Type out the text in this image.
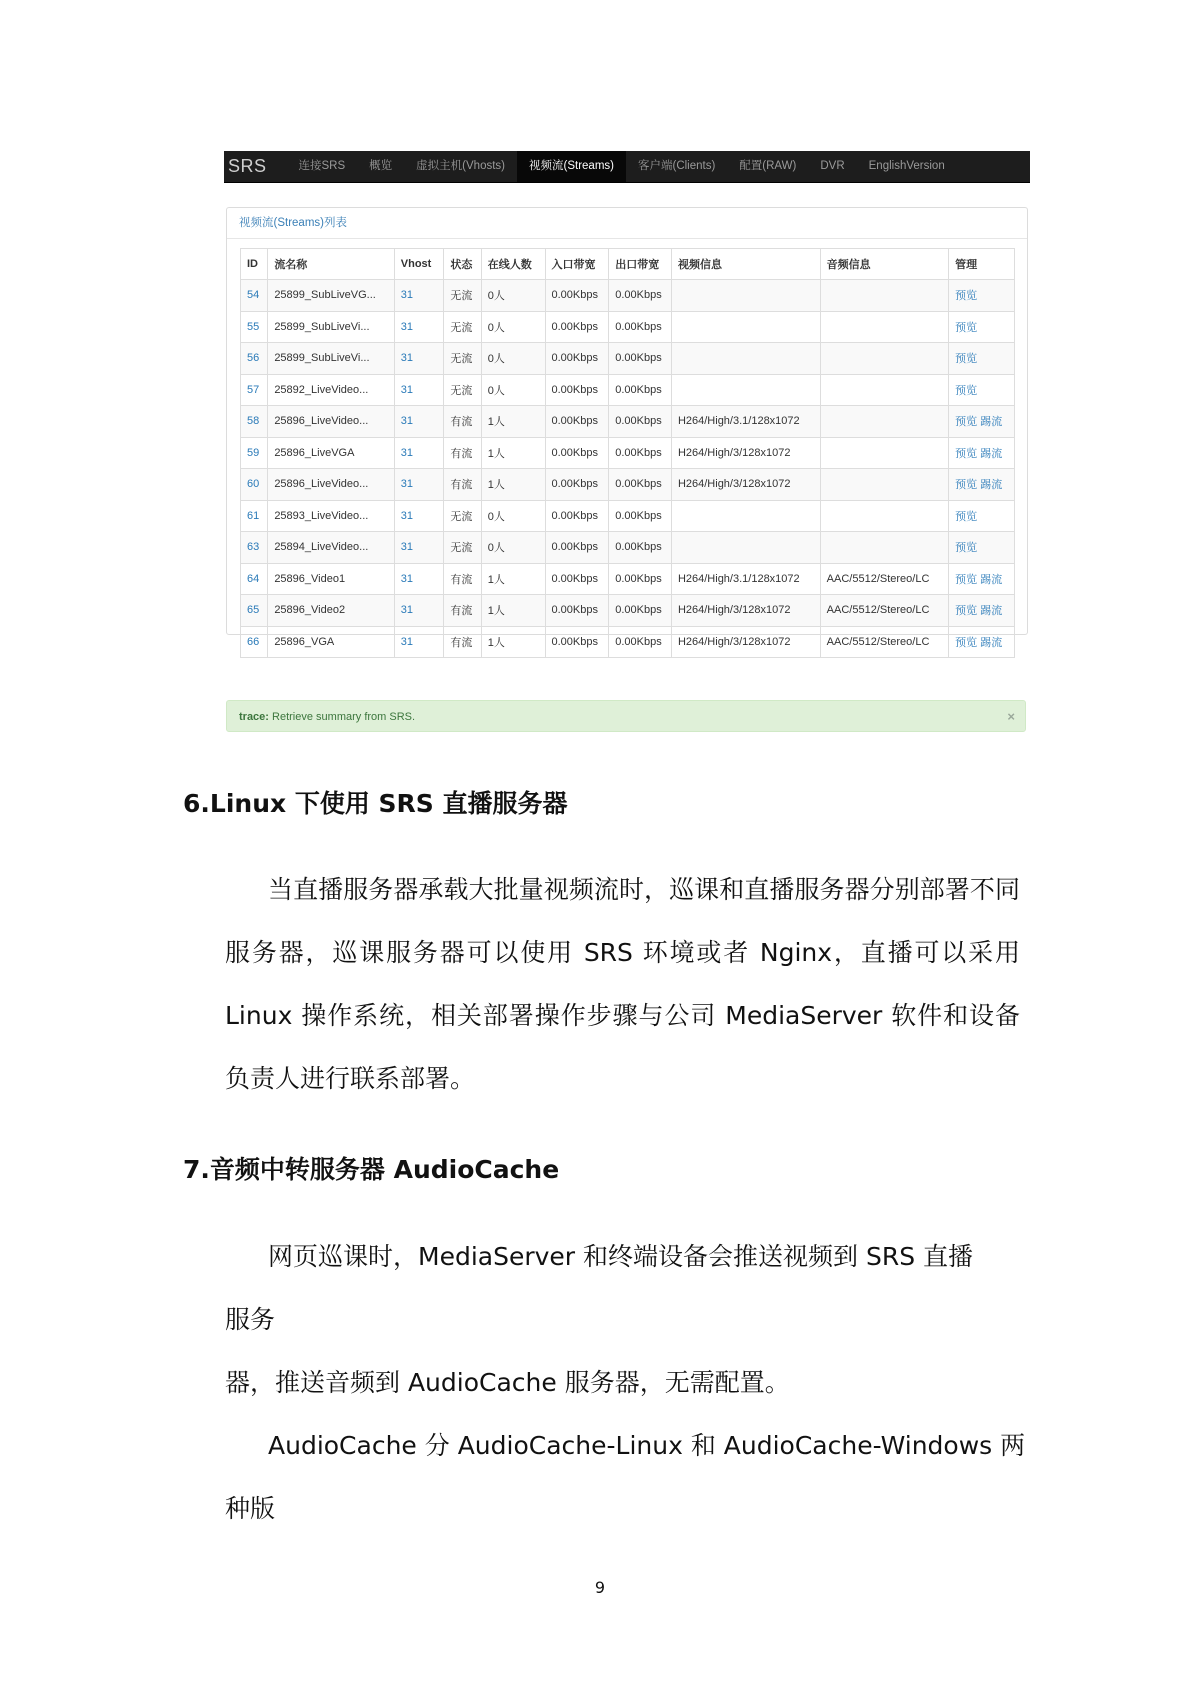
SRS	连接SRS	概览	虚拟主机(Vhosts)	视频流(Streams)	客户端(Clients)	配置(RAW)	DVR	EnglishVersion
视频流(Streams)列表
ID	流名称	Vhost	状态	在线人数	入口带宽	出口带宽	视频信息	音频信息	管理
54	25899_SubLiveVG...	31	无流	0人	0.00Kbps	0.00Kbps			预览
55	25899_SubLiveVi...	31	无流	0人	0.00Kbps	0.00Kbps			预览
56	25899_SubLiveVi...	31	无流	0人	0.00Kbps	0.00Kbps			预览
57	25892_LiveVideo...	31	无流	0人	0.00Kbps	0.00Kbps			预览
58	25896_LiveVideo...	31	有流	1人	0.00Kbps	0.00Kbps	H264/High/3.1/128x1072		预览 踢流
59	25896_LiveVGA	31	有流	1人	0.00Kbps	0.00Kbps	H264/High/3/128x1072		预览 踢流
60	25896_LiveVideo...	31	有流	1人	0.00Kbps	0.00Kbps	H264/High/3/128x1072		预览 踢流
61	25893_LiveVideo...	31	无流	0人	0.00Kbps	0.00Kbps			预览
63	25894_LiveVideo...	31	无流	0人	0.00Kbps	0.00Kbps			预览
64	25896_Video1	31	有流	1人	0.00Kbps	0.00Kbps	H264/High/3.1/128x1072	AAC/5512/Stereo/LC	预览 踢流
65	25896_Video2	31	有流	1人	0.00Kbps	0.00Kbps	H264/High/3/128x1072	AAC/5512/Stereo/LC	预览 踢流
66	25896_VGA	31	有流	1人	0.00Kbps	0.00Kbps	H264/High/3/128x1072	AAC/5512/Stereo/LC	预览 踢流
trace: Retrieve summary from SRS.	×
6.Linux 下使用 SRS 直播服务器

当直播服务器承载大批量视频流时，巡课和直播服务器分别部署不同服务器，巡课服务器可以使用 SRS 环境或者 Nginx，直播可以采用 Linux 操作系统，相关部署操作步骤与公司 MediaServer 软件和设备负责人进行联系部署。

7.音频中转服务器 AudioCache

网页巡课时，MediaServer 和终端设备会推送视频到 SRS 直播

服务

器，推送音频到 AudioCache 服务器，无需配置。

AudioCache 分 AudioCache-Linux 和 AudioCache-Windows 两

种版

9
